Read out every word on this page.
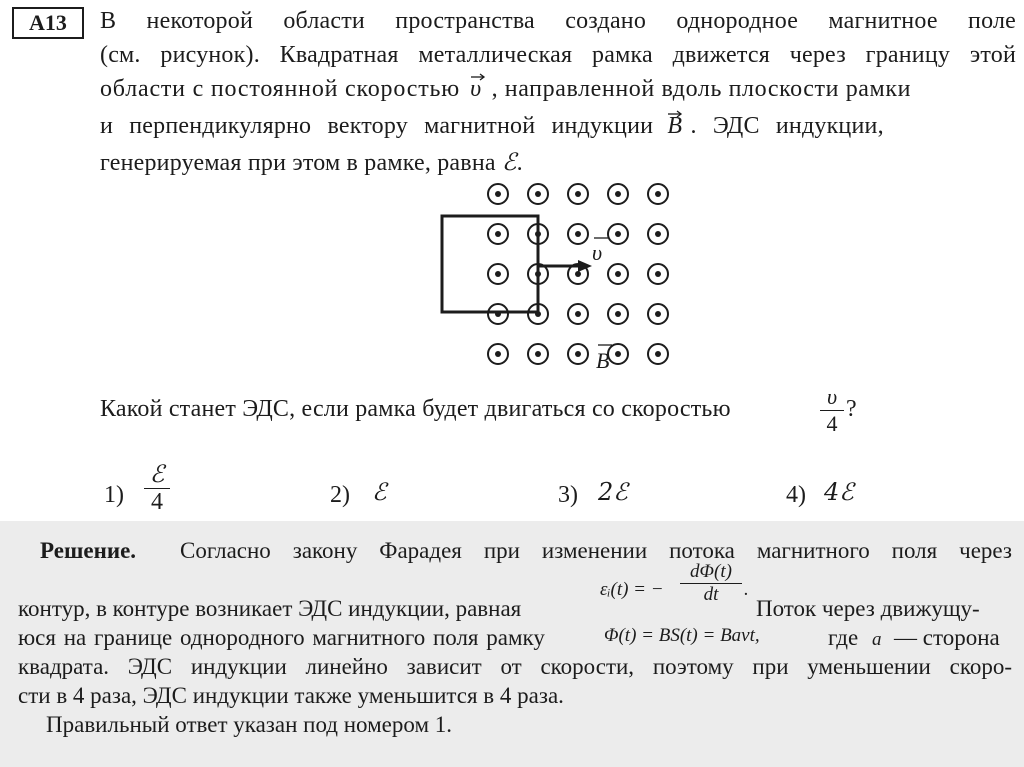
A13	В некоторой области пространства создано однородное магнитное поле
(см. рисунок). Квадратная металлическая рамка движется через границу этой
области с постоянной скоростью υ , направленной вдоль плоскости рамки
и перпендикулярно вектору магнитной индукции B . ЭДС индукции,
генерируемая при этом в рамке, равна ℰ.
υ
B
Какой станет ЭДС, если рамка будет двигаться со скоростью	$\frac{\upsilon}{4}$ ?
1)
ℰ
4	2) ℰ	3) 2ℰ	4) 4ℰ
Решение. Согласно закону Фарадея при изменении потока магнитного поля через
контур, в контуре возникает ЭДС индукции, равная
εᵢ(t) = − $\frac{d\Phi(t)}{dt}$ .
Поток через движущу-
юся на границе однородного магнитного поля рамку	Φ(t) = BS(t) = Bavt,	где a — сторона
квадрата. ЭДС индукции линейно зависит от скорости, поэтому при уменьшении скоро-
сти в 4 раза, ЭДС индукции также уменьшится в 4 раза.
Правильный ответ указан под номером 1.
